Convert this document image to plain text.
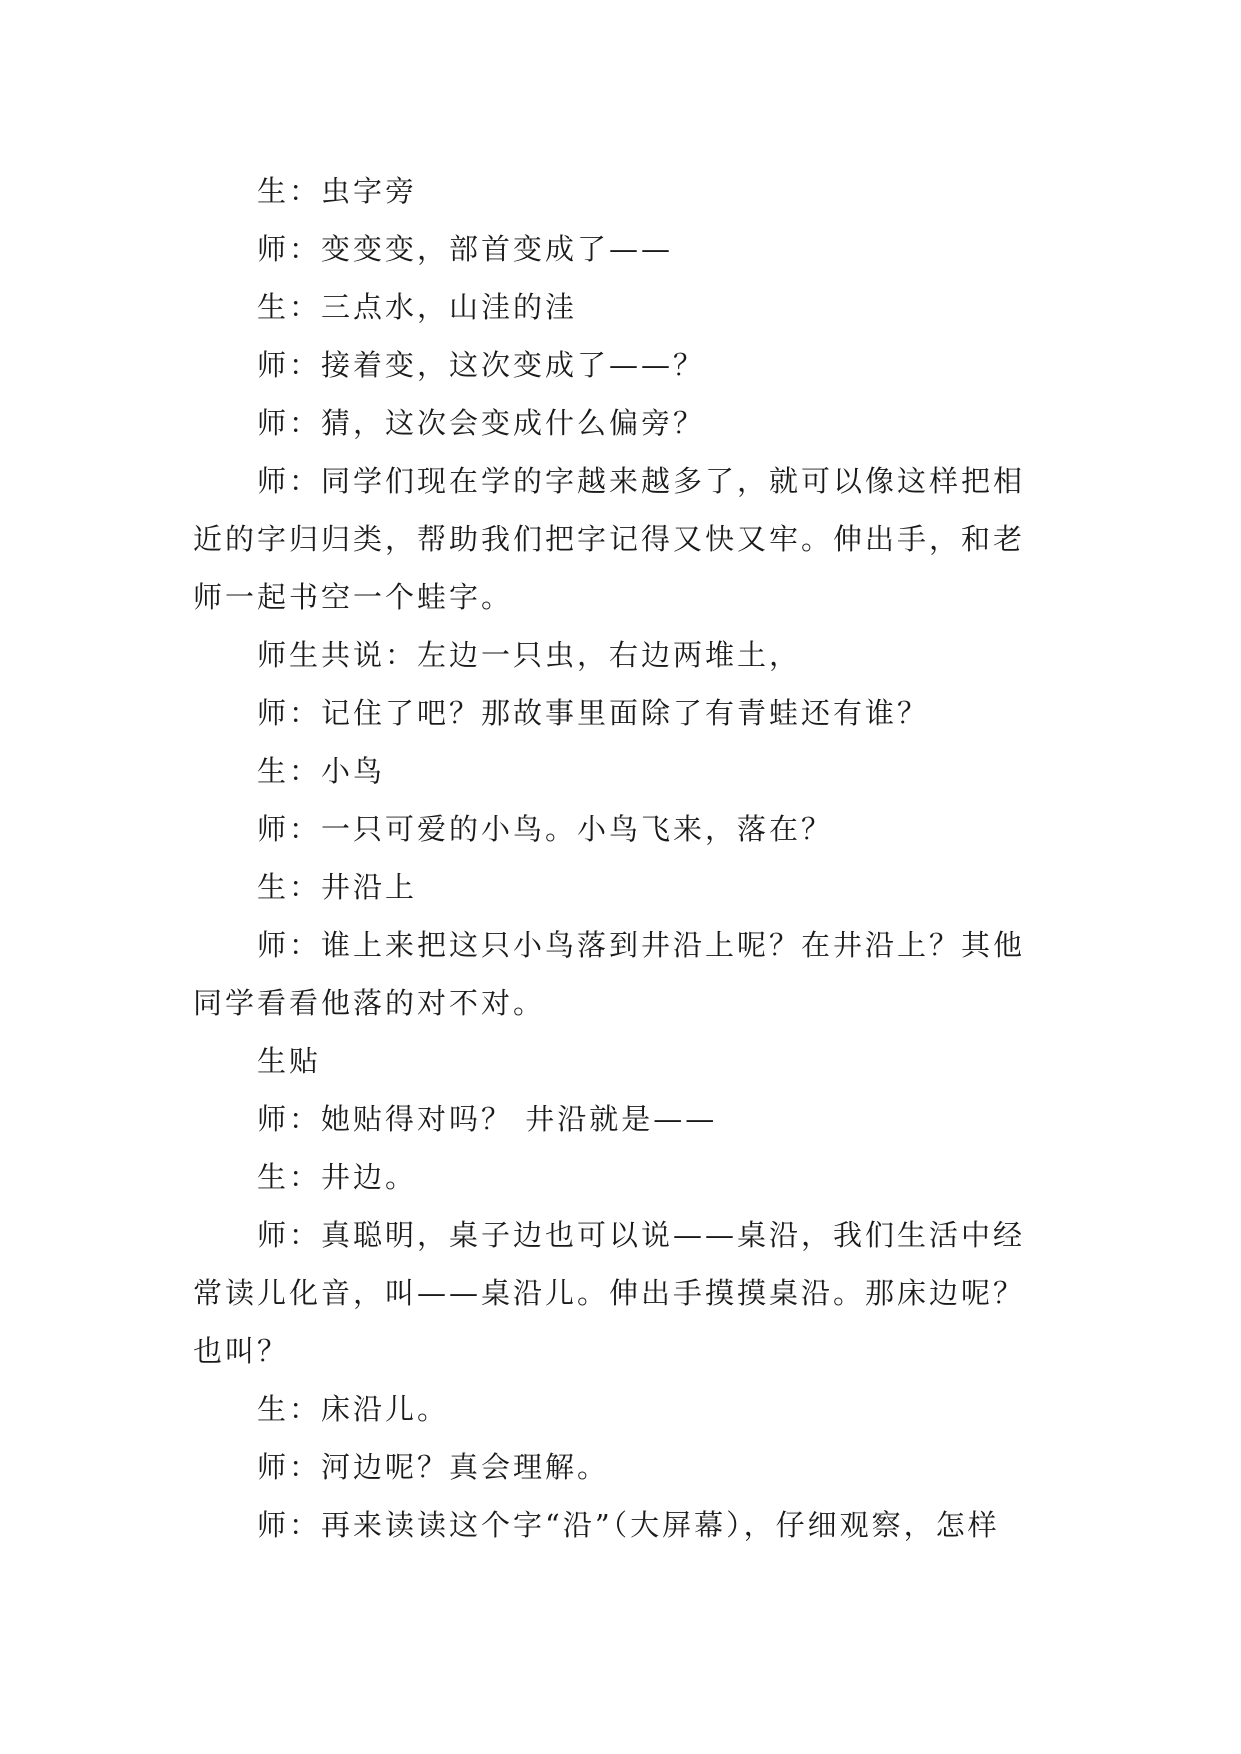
生：虫字旁

师：变变变，部首变成了——

生：三点水，山洼的洼

师：接着变，这次变成了——？

师：猜，这次会变成什么偏旁？

师：同学们现在学的字越来越多了，就可以像这样把相近的字归归类，帮助我们把字记得又快又牢。伸出手，和老师一起书空一个蛙字。

师生共说：左边一只虫，右边两堆土，

师：记住了吧？那故事里面除了有青蛙还有谁？

生：小鸟

师：一只可爱的小鸟。小鸟飞来，落在？

生：井沿上

师：谁上来把这只小鸟落到井沿上呢？在井沿上？其他同学看看他落的对不对。

生贴

师：她贴得对吗？ 井沿就是——

生：井边。

师：真聪明，桌子边也可以说——桌沿，我们生活中经常读儿化音，叫——桌沿儿。伸出手摸摸桌沿。那床边呢？也叫？

生：床沿儿。

师：河边呢？真会理解。

师：再来读读这个字“沿”（大屏幕），仔细观察，怎样
